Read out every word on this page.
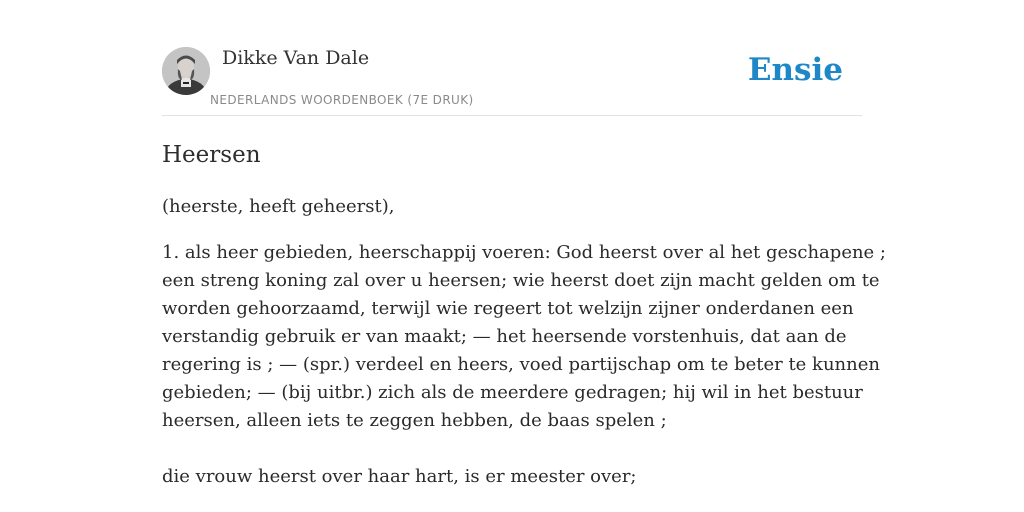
Dikke Van Dale
NEDERLANDS WOORDENBOEK (7E DRUK)
Ensie
Heersen

(heerste, heeft geheerst),

1. als heer gebieden, heerschappij voeren: God heerst over al het geschapene ;

een streng koning zal over u heersen; wie heerst doet zijn macht gelden om te

worden gehoorzaamd, terwijl wie regeert tot welzijn zijner onderdanen een

verstandig gebruik er van maakt; — het heersende vorstenhuis, dat aan de

regering is ; — (spr.) verdeel en heers, voed partijschap om te beter te kunnen

gebieden; — (bij uitbr.) zich als de meerdere gedragen; hij wil in het bestuur

heersen, alleen iets te zeggen hebben, de baas spelen ;

die vrouw heerst over haar hart, is er meester over;
